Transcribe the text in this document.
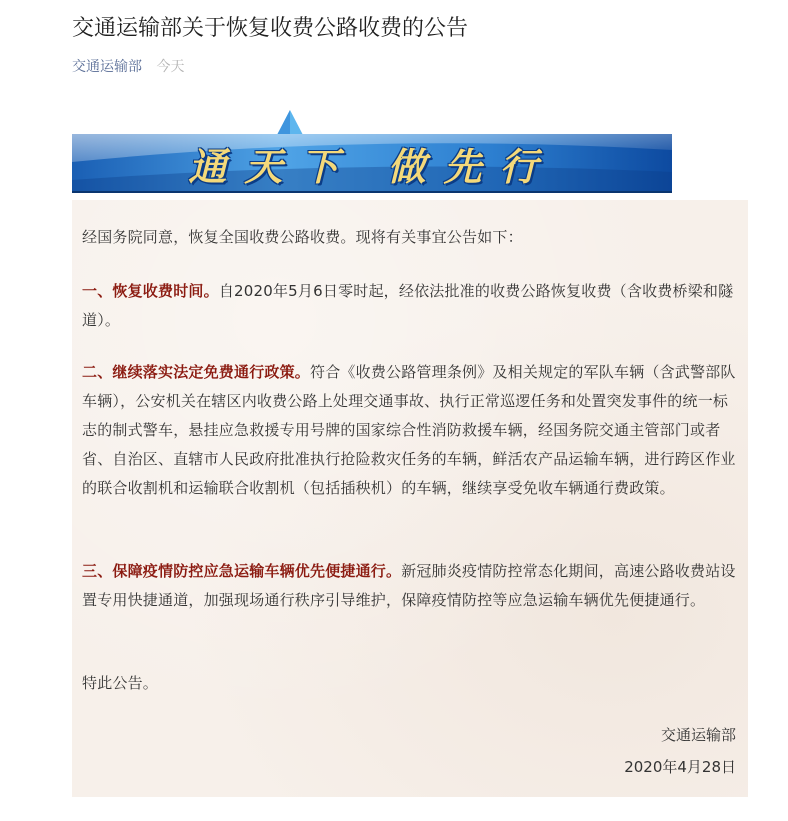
交通运输部关于恢复收费公路收费的公告
交通运输部 今天
通天下 做先行

经国务院同意，恢复全国收费公路收费。现将有关事宜公告如下：

一、恢复收费时间。自2020年5月6日零时起，经依法批准的收费公路恢复收费（含收费桥梁和隧道）。

二、继续落实法定免费通行政策。符合《收费公路管理条例》及相关规定的军队车辆（含武警部队车辆），公安机关在辖区内收费公路上处理交通事故、执行正常巡逻任务和处置突发事件的统一标志的制式警车，悬挂应急救援专用号牌的国家综合性消防救援车辆，经国务院交通主管部门或者省、自治区、直辖市人民政府批准执行抢险救灾任务的车辆，鲜活农产品运输车辆，进行跨区作业的联合收割机和运输联合收割机（包括插秧机）的车辆，继续享受免收车辆通行费政策。

三、保障疫情防控应急运输车辆优先便捷通行。新冠肺炎疫情防控常态化期间，高速公路收费站设置专用快捷通道，加强现场通行秩序引导维护，保障疫情防控等应急运输车辆优先便捷通行。

特此公告。

交通运输部

2020年4月28日
